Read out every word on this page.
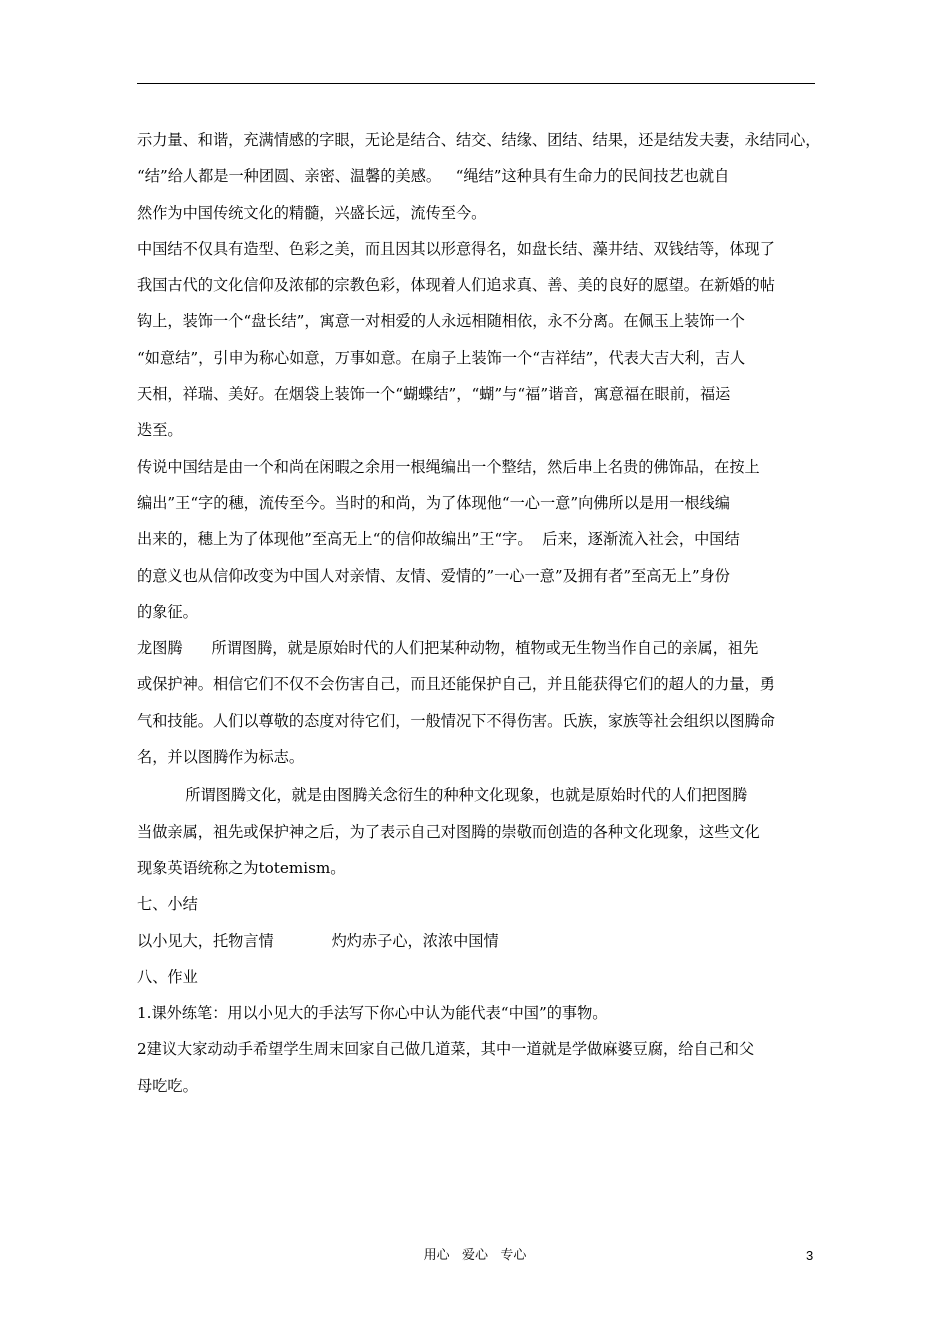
示力量、和谐，充满情感的字眼，无论是结合、结交、结缘、团结、结果，还是结发夫妻，永结同心，

“结”给人都是一种团圆、亲密、温馨的美感。   “绳结”这种具有生命力的民间技艺也就自

然作为中国传统文化的精髓，兴盛长远，流传至今。

中国结不仅具有造型、色彩之美，而且因其以形意得名，如盘长结、藻井结、双钱结等，体现了

我国古代的文化信仰及浓郁的宗教色彩，体现着人们追求真、善、美的良好的愿望。在新婚的帖

钩上，装饰一个“盘长结”，寓意一对相爱的人永远相随相依，永不分离。在佩玉上装饰一个

“如意结”，引申为称心如意，万事如意。在扇子上装饰一个“吉祥结”，代表大吉大利，吉人

天相，祥瑞、美好。在烟袋上装饰一个“蝴蝶结”，“蝴”与“福”谐音，寓意福在眼前，福运

迭至。

传说中国结是由一个和尚在闲暇之余用一根绳编出一个整结，然后串上名贵的佛饰品，在按上

编出”王“字的穗，流传至今。当时的和尚，为了体现他“一心一意”向佛所以是用一根线编

出来的，穗上为了体现他”至高无上“的信仰故编出”王“字。  后来，逐渐流入社会，中国结

的意义也从信仰改变为中国人对亲情、友情、爱情的”一心一意”及拥有者”至高无上”身份

的象征。

龙图腾      所谓图腾，就是原始时代的人们把某种动物，植物或无生物当作自己的亲属，祖先

或保护神。相信它们不仅不会伤害自己，而且还能保护自己，并且能获得它们的超人的力量，勇

气和技能。人们以尊敬的态度对待它们，一般情况下不得伤害。氏族，家族等社会组织以图腾命

名，并以图腾作为标志。

所谓图腾文化，就是由图腾关念衍生的种种文化现象，也就是原始时代的人们把图腾

当做亲属，祖先或保护神之后，为了表示自己对图腾的崇敬而创造的各种文化现象，这些文化

现象英语统称之为totemism。

七、小结

以小见大，托物言情            灼灼赤子心，浓浓中国情

八、作业

1.课外练笔：用以小见大的手法写下你心中认为能代表“中国”的事物。

2建议大家动动手希望学生周末回家自己做几道菜，其中一道就是学做麻婆豆腐，给自己和父

母吃吃。

用心   爱心   专心	3
